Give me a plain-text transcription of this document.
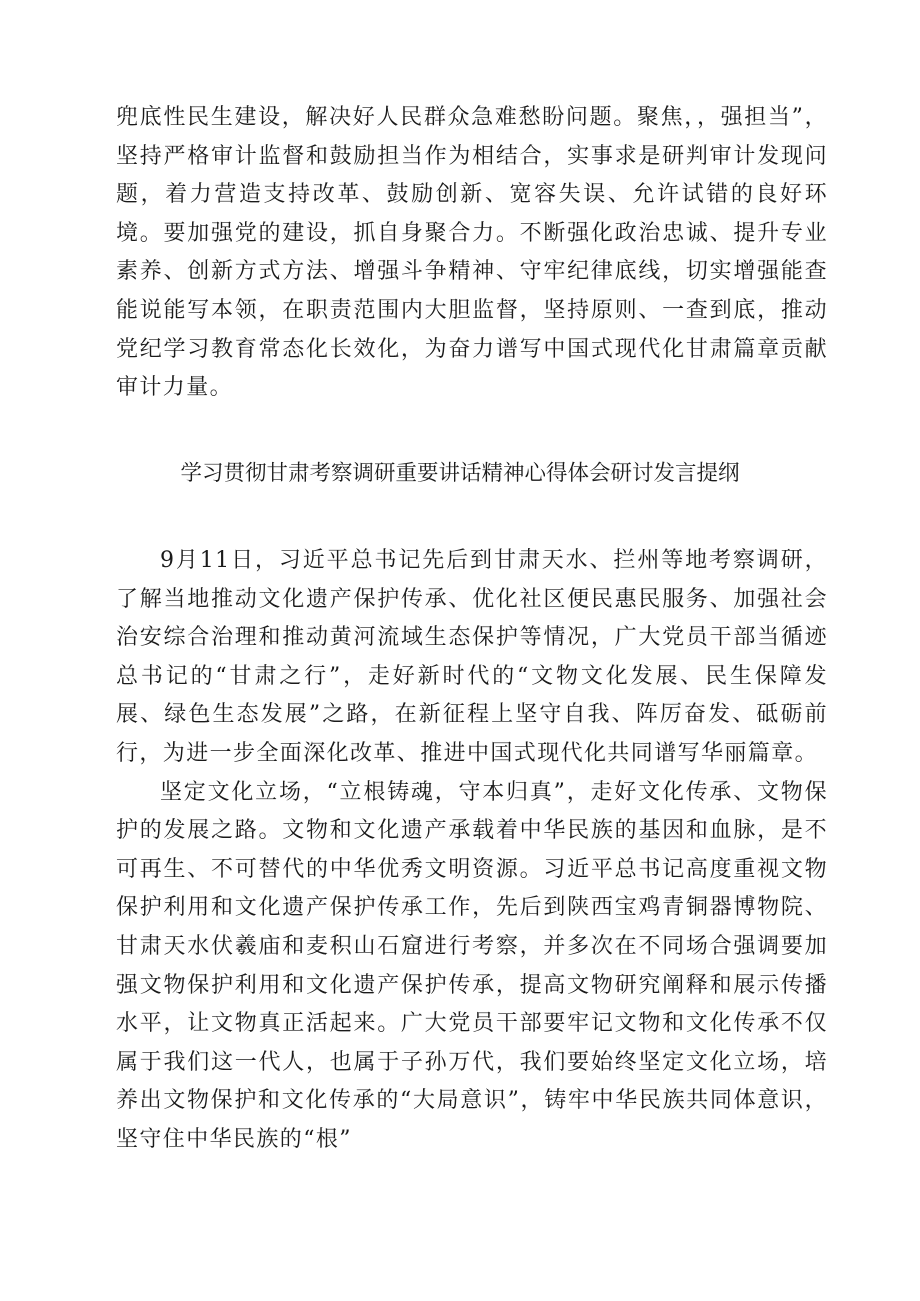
兜底性民生建设，解决好人民群众急难愁盼问题。聚焦，，强担当”，坚持严格审计监督和鼓励担当作为相结合，实事求是研判审计发现问题，着力营造支持改革、鼓励创新、宽容失误、允许试错的良好环境。要加强党的建设，抓自身聚合力。不断强化政治忠诚、提升专业素养、创新方式方法、增强斗争精神、守牢纪律底线，切实增强能查能说能写本领，在职责范围内大胆监督，坚持原则、一查到底，推动党纪学习教育常态化长效化，为奋力谱写中国式现代化甘肃篇章贡献审计力量。

学习贯彻甘肃考察调研重要讲话精神心得体会研讨发言提纲

9月11日，习近平总书记先后到甘肃天水、拦州等地考察调研，了解当地推动文化遗产保护传承、优化社区便民惠民服务、加强社会治安综合治理和推动黄河流域生态保护等情况，广大党员干部当循迹总书记的“甘肃之行”，走好新时代的“文物文化发展、民生保障发展、绿色生态发展”之路，在新征程上坚守自我、阵厉奋发、砥砺前行，为进一步全面深化改革、推进中国式现代化共同谱写华丽篇章。

坚定文化立场，“立根铸魂，守本归真”，走好文化传承、文物保护的发展之路。文物和文化遗产承载着中华民族的基因和血脉，是不可再生、不可替代的中华优秀文明资源。习近平总书记高度重视文物保护利用和文化遗产保护传承工作，先后到陕西宝鸡青铜器博物院、甘肃天水伏羲庙和麦积山石窟进行考察，并多次在不同场合强调要加强文物保护利用和文化遗产保护传承，提高文物研究阐释和展示传播水平，让文物真正活起来。广大党员干部要牢记文物和文化传承不仅属于我们这一代人，也属于子孙万代，我们要始终坚定文化立场，培养出文物保护和文化传承的“大局意识”，铸牢中华民族共同体意识，坚守住中华民族的“根”
